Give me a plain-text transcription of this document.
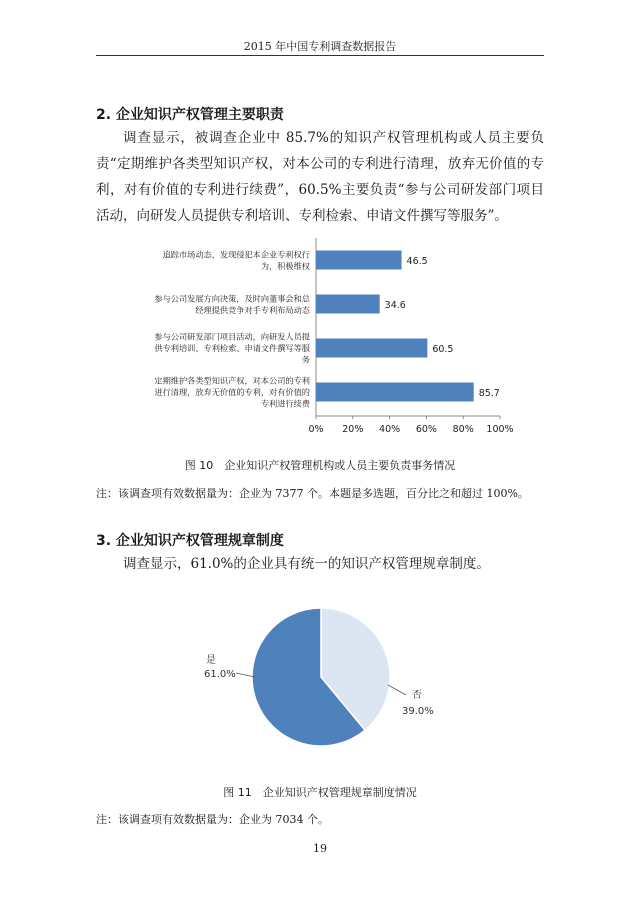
2015 年中国专利调查数据报告
2. 企业知识产权管理主要职责

调查显示，被调查企业中 85.7%的知识产权管理机构或人员主要负责“定期维护各类型知识产权，对本公司的专利进行清理，放弃无价值的专利，对有价值的专利进行续费”，60.5%主要负责“参与公司研发部门项目活动，向研发人员提供专利培训、专利检索、申请文件撰写等服务”。

追踪市场动态，发现侵犯本企业专利权行为，积极维权	46.5
参与公司发展方向决策，及时向董事会和总经理提供竞争对手专利布局动态	34.6
参与公司研发部门项目活动，向研发人员提供专利培训、专利检索、申请文件撰写等服务
60.5
定期维护各类型知识产权，对本公司的专利进行清理，放弃无价值的专利，对有价值的专利进行续费
85.7
0% 20% 40% 60% 80% 100%
图 10　企业知识产权管理机构或人员主要负责事务情况
注：该调查项有效数据量为：企业为 7377 个。本题是多选题，百分比之和超过 100%。
3. 企业知识产权管理规章制度

调查显示，61.0%的企业具有统一的知识产权管理规章制度。

是
61.0%
否
39.0%
图 11　企业知识产权管理规章制度情况
注：该调查项有效数据量为：企业为 7034 个。
19
